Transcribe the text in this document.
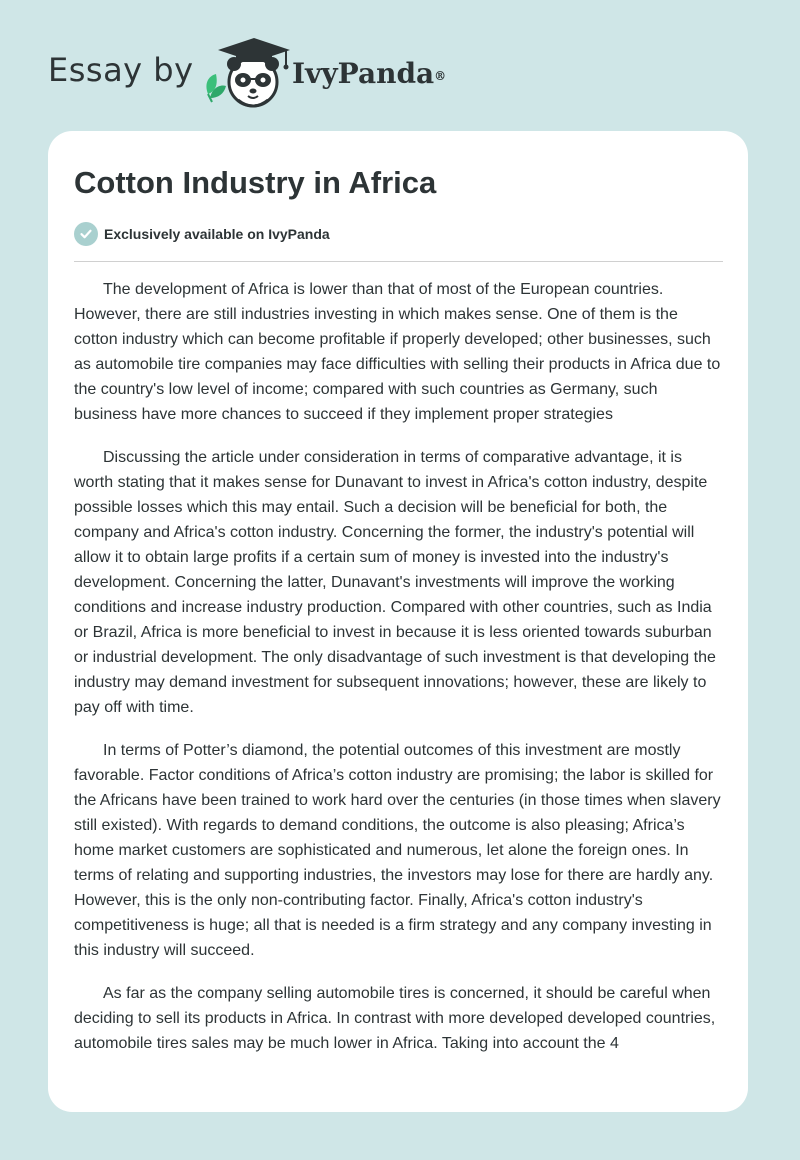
Essay by	IvyPanda®
Cotton Industry in Africa
Exclusively available on IvyPanda

The development of Africa is lower than that of most of the European countries. However, there are still industries investing in which makes sense. One of them is the cotton industry which can become profitable if properly developed; other businesses, such as automobile tire companies may face difficulties with selling their products in Africa due to the country's low level of income; compared with such countries as Germany, such business have more chances to succeed if they implement proper strategies

Discussing the article under consideration in terms of comparative advantage, it is worth stating that it makes sense for Dunavant to invest in Africa's cotton industry, despite possible losses which this may entail. Such a decision will be beneficial for both, the company and Africa's cotton industry. Concerning the former, the industry's potential will allow it to obtain large profits if a certain sum of money is invested into the industry's development. Concerning the latter, Dunavant's investments will improve the working conditions and increase industry production. Compared with other countries, such as India or Brazil, Africa is more beneficial to invest in because it is less oriented towards suburban or industrial development. The only disadvantage of such investment is that developing the industry may demand investment for subsequent innovations; however, these are likely to pay off with time.

In terms of Potter’s diamond, the potential outcomes of this investment are mostly favorable. Factor conditions of Africa’s cotton industry are promising; the labor is skilled for the Africans have been trained to work hard over the centuries (in those times when slavery still existed). With regards to demand conditions, the outcome is also pleasing; Africa’s home market customers are sophisticated and numerous, let alone the foreign ones. In terms of relating and supporting industries, the investors may lose for there are hardly any. However, this is the only non-contributing factor. Finally, Africa's cotton industry's competitiveness is huge; all that is needed is a firm strategy and any company investing in this industry will succeed.

As far as the company selling automobile tires is concerned, it should be careful when deciding to sell its products in Africa. In contrast with more developed developed countries, automobile tires sales may be much lower in Africa. Taking into account the 4
